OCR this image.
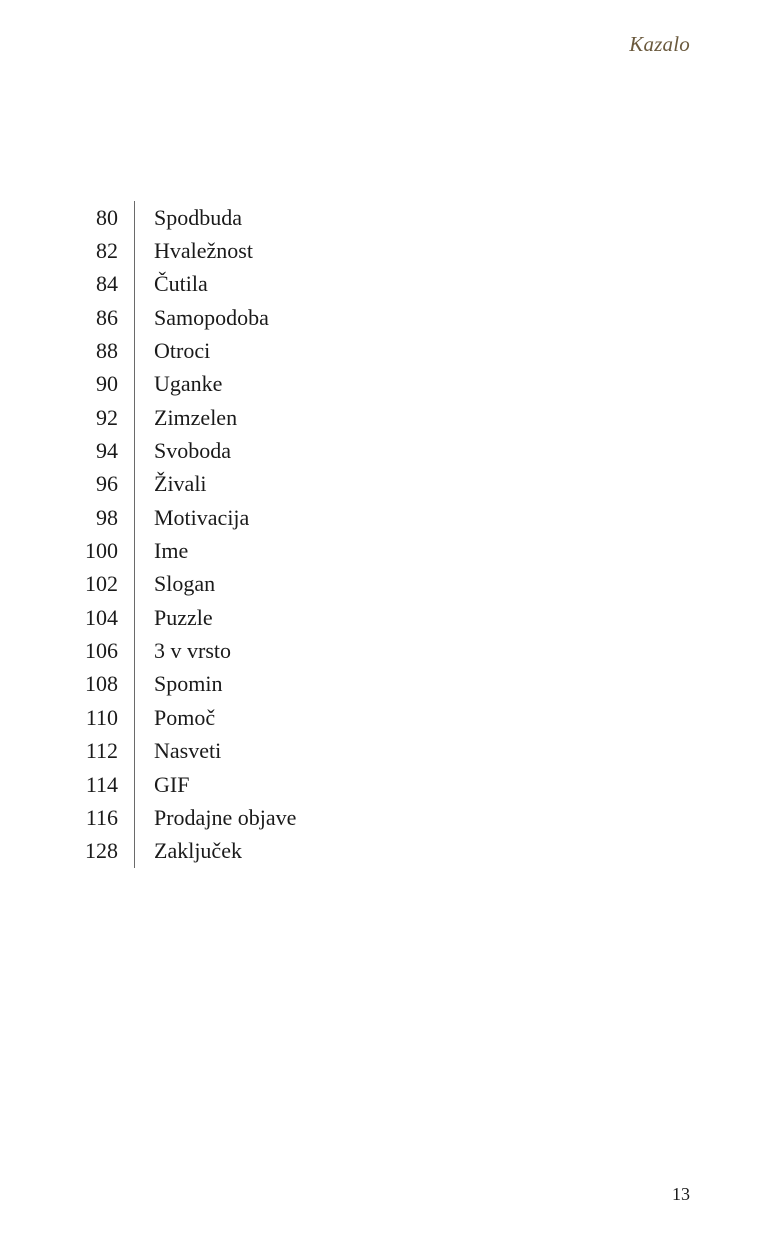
Kazalo
80 Spodbuda
82 Hvaležnost
84 Čutila
86 Samopodoba
88 Otroci
90 Uganke
92 Zimzelen
94 Svoboda
96 Živali
98 Motivacija
100 Ime
102 Slogan
104 Puzzle
106 3 v vrsto
108 Spomin
110 Pomoč
112 Nasveti
114 GIF
116 Prodajne objave
128 Zaključek
13
